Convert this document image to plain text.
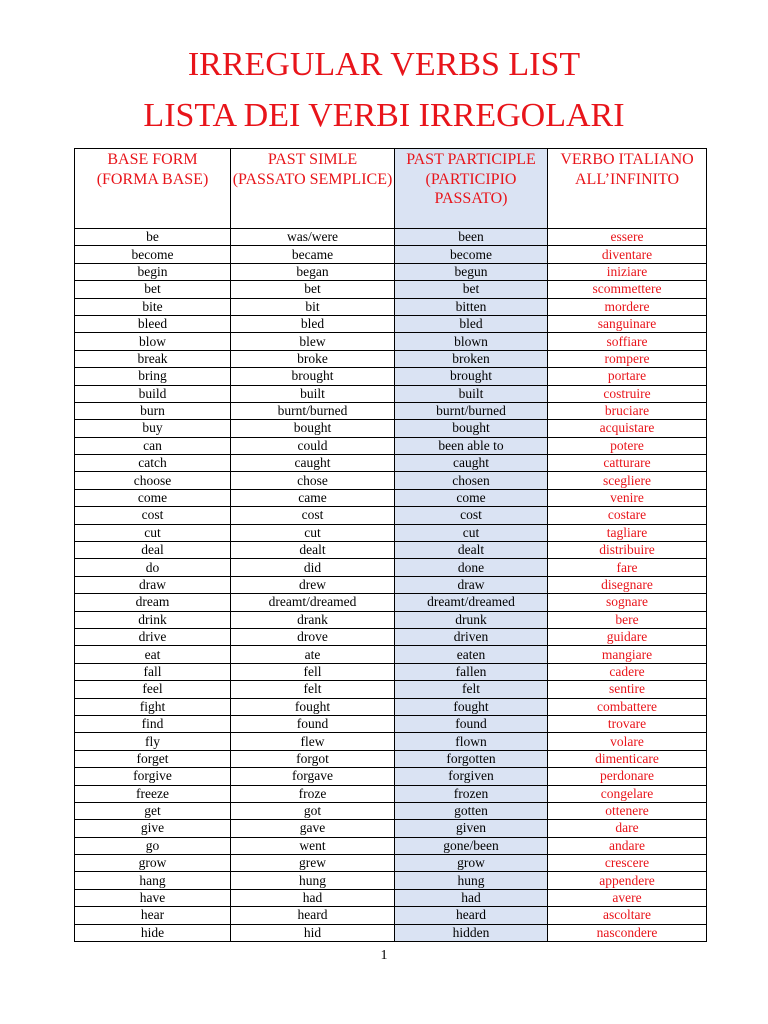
IRREGULAR VERBS LIST
LISTA DEI VERBI IRREGOLARI
BASE FORM (FORMA BASE)	PAST SIMLE (PASSATO SEMPLICE)	PAST PARTICIPLE (PARTICIPIO PASSATO)	VERBO ITALIANO ALL’INFINITO
be	was/were	been	essere
become	became	become	diventare
begin	began	begun	iniziare
bet	bet	bet	scommettere
bite	bit	bitten	mordere
bleed	bled	bled	sanguinare
blow	blew	blown	soffiare
break	broke	broken	rompere
bring	brought	brought	portare
build	built	built	costruire
burn	burnt/burned	burnt/burned	bruciare
buy	bought	bought	acquistare
can	could	been able to	potere
catch	caught	caught	catturare
choose	chose	chosen	scegliere
come	came	come	venire
cost	cost	cost	costare
cut	cut	cut	tagliare
deal	dealt	dealt	distribuire
do	did	done	fare
draw	drew	draw	disegnare
dream	dreamt/dreamed	dreamt/dreamed	sognare
drink	drank	drunk	bere
drive	drove	driven	guidare
eat	ate	eaten	mangiare
fall	fell	fallen	cadere
feel	felt	felt	sentire
fight	fought	fought	combattere
find	found	found	trovare
fly	flew	flown	volare
forget	forgot	forgotten	dimenticare
forgive	forgave	forgiven	perdonare
freeze	froze	frozen	congelare
get	got	gotten	ottenere
give	gave	given	dare
go	went	gone/been	andare
grow	grew	grow	crescere
hang	hung	hung	appendere
have	had	had	avere
hear	heard	heard	ascoltare
hide	hid	hidden	nascondere
1
